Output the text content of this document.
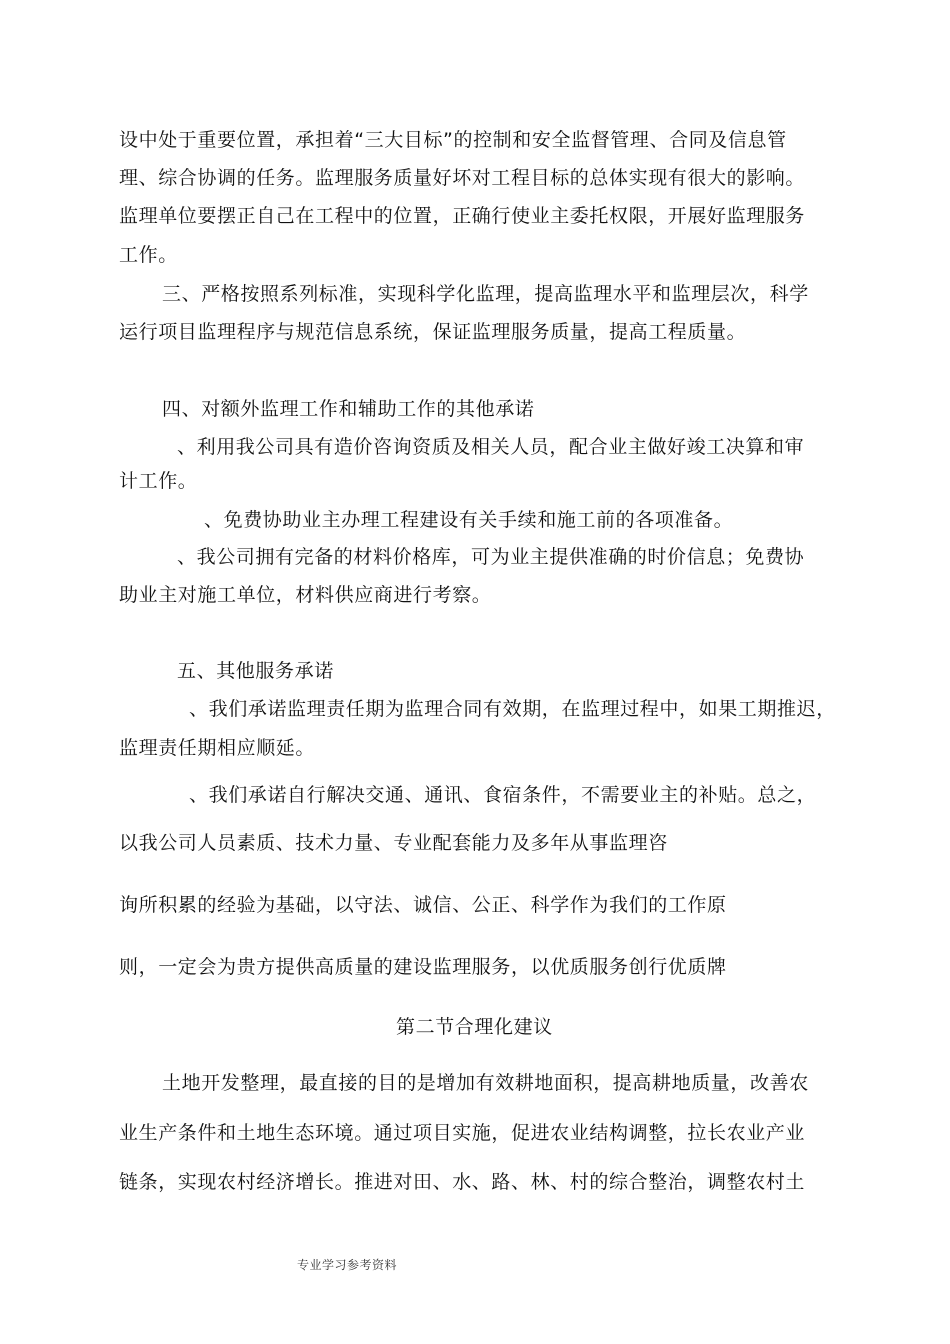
设中处于重要位置，承担着“三大目标”的控制和安全监督管理、合同及信息管
理、综合协调的任务。监理服务质量好坏对工程目标的总体实现有很大的影响。
监理单位要摆正自己在工程中的位置，正确行使业主委托权限，开展好监理服务
工作。
三、严格按照系列标准，实现科学化监理，提高监理水平和监理层次，科学
运行项目监理程序与规范信息系统，保证监理服务质量，提高工程质量。
四、对额外监理工作和辅助工作的其他承诺
、利用我公司具有造价咨询资质及相关人员，配合业主做好竣工决算和审
计工作。
、免费协助业主办理工程建设有关手续和施工前的各项准备。
、我公司拥有完备的材料价格库，可为业主提供准确的时价信息；免费协
助业主对施工单位，材料供应商进行考察。
五、其他服务承诺
、我们承诺监理责任期为监理合同有效期，在监理过程中，如果工期推迟，
监理责任期相应顺延。
、我们承诺自行解决交通、通讯、食宿条件，不需要业主的补贴。总之，
以我公司人员素质、技术力量、专业配套能力及多年从事监理咨
询所积累的经验为基础，以守法、诚信、公正、科学作为我们的工作原
则，一定会为贵方提供高质量的建设监理服务，以优质服务创行优质牌
第二节合理化建议
土地开发整理，最直接的目的是增加有效耕地面积，提高耕地质量，改善农
业生产条件和土地生态环境。通过项目实施，促进农业结构调整，拉长农业产业
链条，实现农村经济增长。推进对田、水、路、林、村的综合整治，调整农村土
专业学习参考资料
